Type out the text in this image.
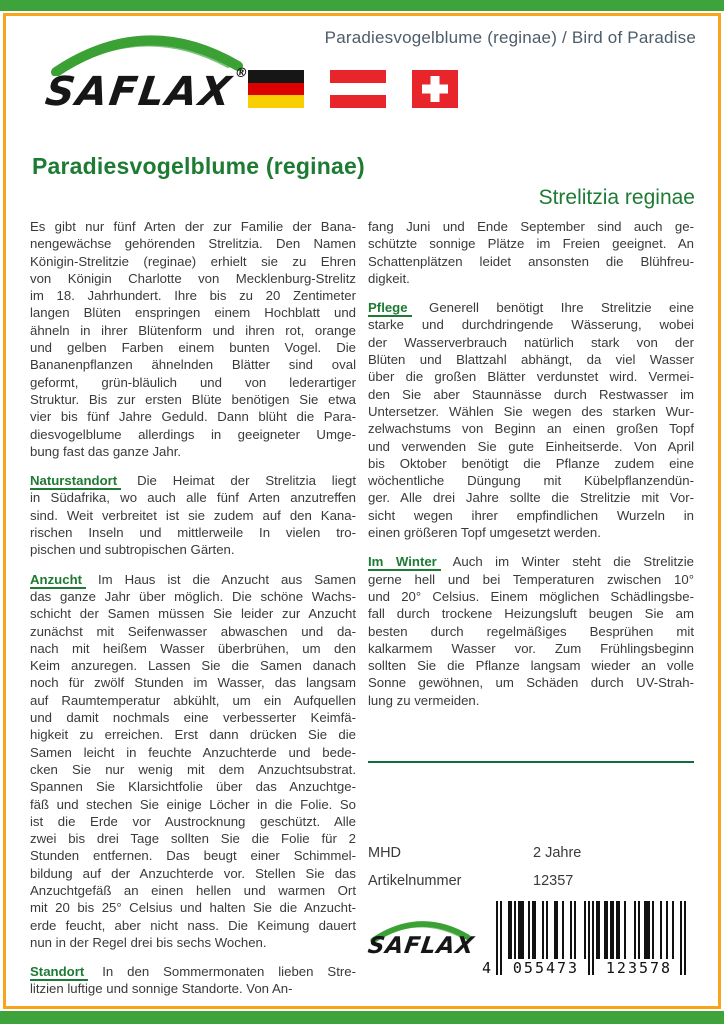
SAFLAX®
Paradiesvogelblume (reginae) / Bird of Paradise
Paradiesvogelblume (reginae)
Strelitzia reginae
Es gibt nur fünf Arten der zur Familie der Bana-
nengewächse gehörenden Strelitzia. Den Namen
Königin-Strelitzie (reginae) erhielt sie zu Ehren
von Königin Charlotte von Mecklenburg-Strelitz
im 18. Jahrhundert. Ihre bis zu 20 Zentimeter
langen Blüten enspringen einem Hochblatt und
ähneln in ihrer Blütenform und ihren rot, orange
und gelben Farben einem bunten Vogel. Die
Bananenpflanzen ähnelnden Blätter sind oval
geformt, grün-bläulich und von lederartiger
Struktur. Bis zur ersten Blüte benötigen Sie etwa
vier bis fünf Jahre Geduld. Dann blüht die Para-
diesvogelblume allerdings in geeigneter Umge-
bung fast das ganze Jahr.
Naturstandort Die Heimat der Strelitzia liegt
in Südafrika, wo auch alle fünf Arten anzutreffen
sind. Weit verbreitet ist sie zudem auf den Kana-
rischen Inseln und mittlerweile In vielen tro-
pischen und subtropischen Gärten.
Anzucht Im Haus ist die Anzucht aus Samen
das ganze Jahr über möglich. Die schöne Wachs-
schicht der Samen müssen Sie leider zur Anzucht
zunächst mit Seifenwasser abwaschen und da-
nach mit heißem Wasser überbrühen, um den
Keim anzuregen. Lassen Sie die Samen danach
noch für zwölf Stunden im Wasser, das langsam
auf Raumtemperatur abkühlt, um ein Aufquellen
und damit nochmals eine verbesserter Keimfä-
higkeit zu erreichen. Erst dann drücken Sie die
Samen leicht in feuchte Anzuchterde und bede-
cken Sie nur wenig mit dem Anzuchtsubstrat.
Spannen Sie Klarsichtfolie über das Anzuchtge-
fäß und stechen Sie einige Löcher in die Folie. So
ist die Erde vor Austrocknung geschützt. Alle
zwei bis drei Tage sollten Sie die Folie für 2
Stunden entfernen. Das beugt einer Schimmel-
bildung auf der Anzuchterde vor. Stellen Sie das
Anzuchtgefäß an einen hellen und warmen Ort
mit 20 bis 25° Celsius und halten Sie die Anzucht-
erde feucht, aber nicht nass. Die Keimung dauert
nun in der Regel drei bis sechs Wochen.
Standort In den Sommermonaten lieben Stre-
litzien luftige und sonnige Standorte. Von An-
fang Juni und Ende September sind auch ge-
schützte sonnige Plätze im Freien geeignet. An
Schattenplätzen leidet ansonsten die Blühfreu-
digkeit.
Pflege Generell benötigt Ihre Strelitzie eine
starke und durchdringende Wässerung, wobei
der Wasserverbrauch natürlich stark von der
Blüten und Blattzahl abhängt, da viel Wasser
über die großen Blätter verdunstet wird. Vermei-
den Sie aber Staunnässe durch Restwasser im
Untersetzer. Wählen Sie wegen des starken Wur-
zelwachstums von Beginn an einen großen Topf
und verwenden Sie gute Einheitserde. Von April
bis Oktober benötigt die Pflanze zudem eine
wöchentliche Düngung mit Kübelpflanzendün-
ger. Alle drei Jahre sollte die Strelitzie mit Vor-
sicht wegen ihrer empfindlichen Wurzeln in
einen größeren Topf umgesetzt werden.
Im Winter Auch im Winter steht die Strelitzie
gerne hell und bei Temperaturen zwischen 10°
und 20° Celsius. Einem möglichen Schädlingsbe-
fall durch trockene Heizungsluft beugen Sie am
besten durch regelmäßiges Besprühen mit
kalkarmem Wasser vor. Zum Frühlingsbeginn
sollten Sie die Pflanze langsam wieder an volle
Sonne gewöhnen, um Schäden durch UV-Strah-
lung zu vermeiden.
MHD	2 Jahre
Artikelnummer	12357
SAFLAX
4 055473 123578
